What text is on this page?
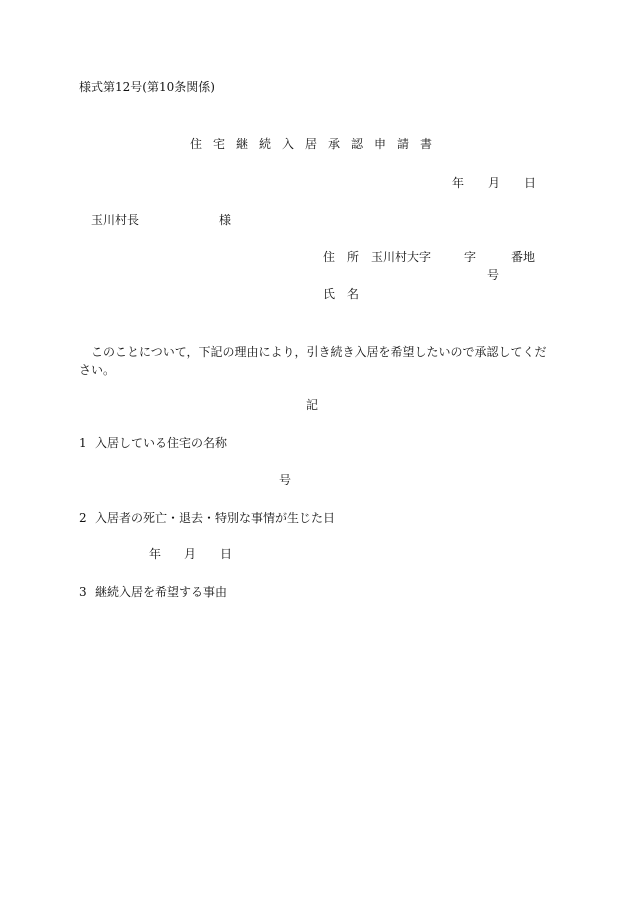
様式第12号(第10条関係)
住宅継続入居承認申請書
年 月 日
玉川村長	様
住　所 玉川村大字	字	番地
号
氏　名

このことについて，下記の理由により，引き続き入居を希望したいので承認してください。

記
1 入居している住宅の名称
号
2 入居者の死亡・退去・特別な事情が生じた日
年 月 日
3 継続入居を希望する事由
